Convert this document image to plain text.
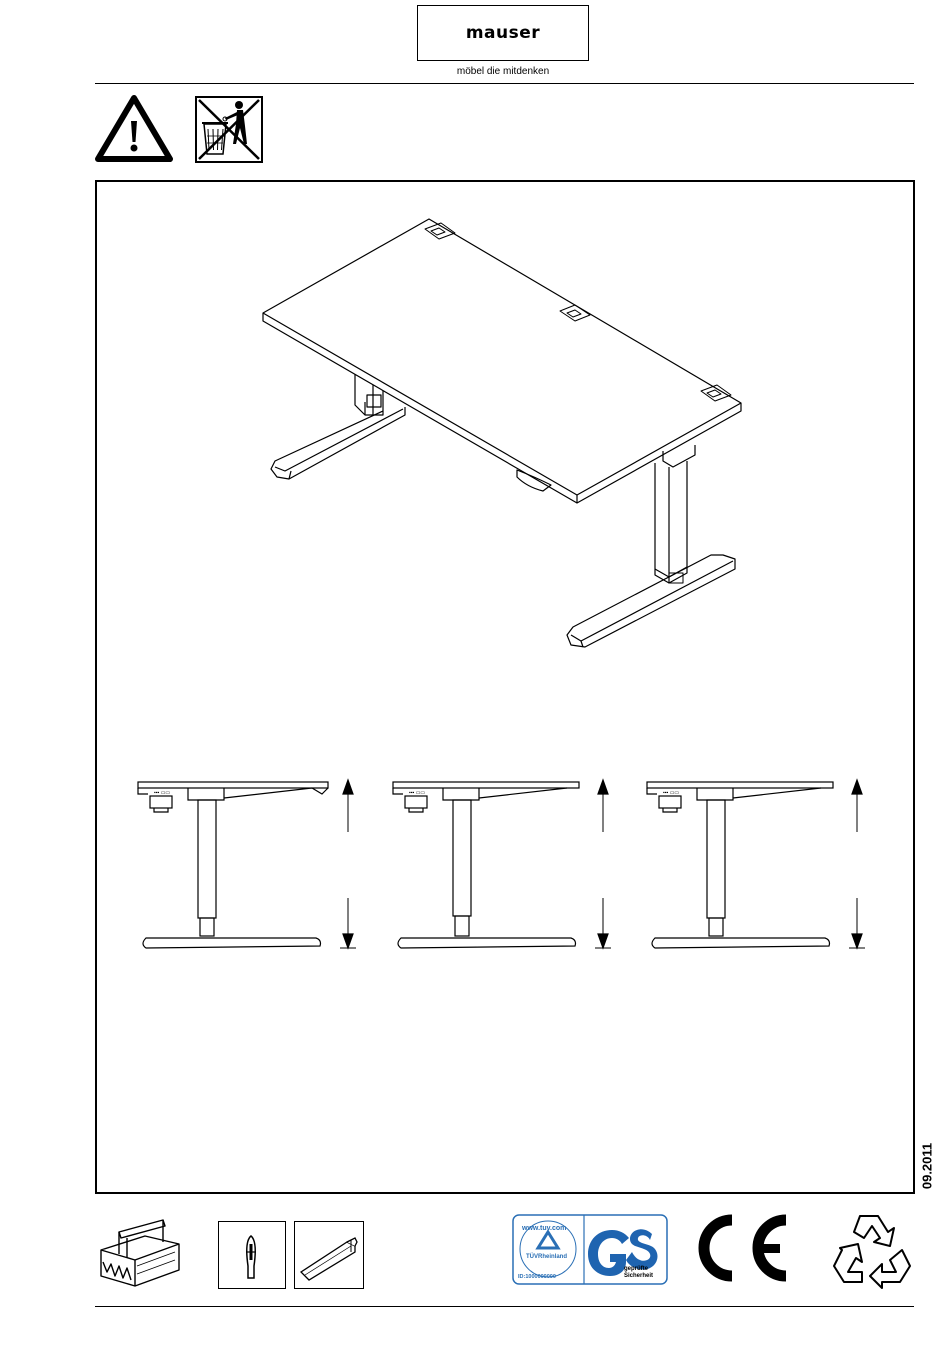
mauser
möbel die mitdenken
▪▪▪ ▭▭	▪▪▪ ▭▭	▪▪▪ ▭▭
09.2011
www.tuv.com
TÜVRheinland
ID:1000000000
geprüfte
Sicherheit
